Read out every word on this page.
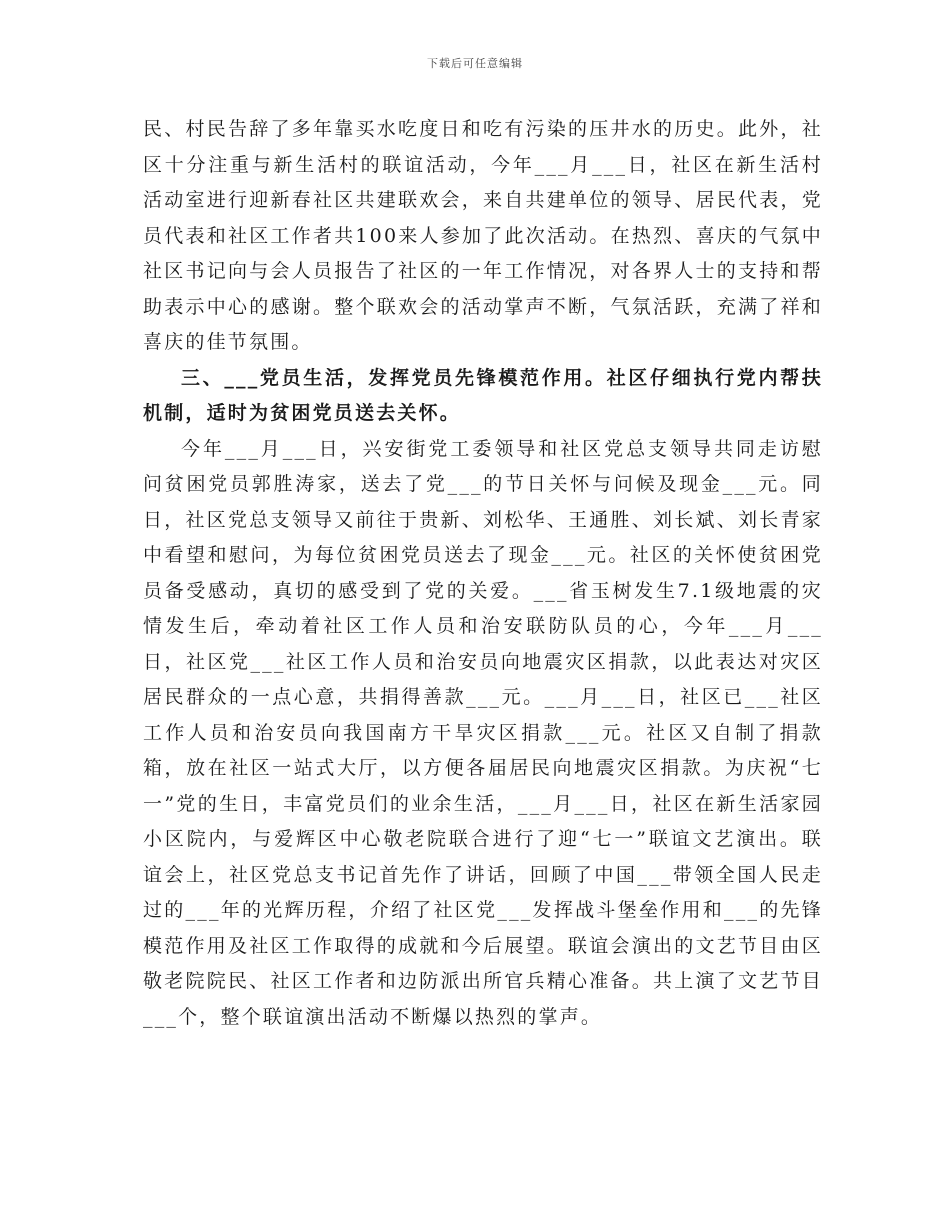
下载后可任意编辑

民、村民告辞了多年靠买水吃度日和吃有污染的压井水的历史。此外，社区十分注重与新生活村的联谊活动，今年___月___日，社区在新生活村活动室进行迎新春社区共建联欢会，来自共建单位的领导、居民代表，党员代表和社区工作者共100来人参加了此次活动。在热烈、喜庆的气氛中社区书记向与会人员报告了社区的一年工作情况，对各界人士的支持和帮助表示中心的感谢。整个联欢会的活动掌声不断，气氛活跃，充满了祥和喜庆的佳节氛围。

三、___党员生活，发挥党员先锋模范作用。社区仔细执行党内帮扶机制，适时为贫困党员送去关怀。

今年___月___日，兴安街党工委领导和社区党总支领导共同走访慰问贫困党员郭胜涛家，送去了党___的节日关怀与问候及现金___元。同日，社区党总支领导又前往于贵新、刘松华、王通胜、刘长斌、刘长青家中看望和慰问，为每位贫困党员送去了现金___元。社区的关怀使贫困党员备受感动，真切的感受到了党的关爱。___省玉树发生7.1级地震的灾情发生后，牵动着社区工作人员和治安联防队员的心，今年___月___日，社区党___社区工作人员和治安员向地震灾区捐款，以此表达对灾区居民群众的一点心意，共捐得善款___元。___月___日，社区已___社区工作人员和治安员向我国南方干旱灾区捐款___元。社区又自制了捐款箱，放在社区一站式大厅，以方便各届居民向地震灾区捐款。为庆祝“七一”党的生日，丰富党员们的业余生活，___月___日，社区在新生活家园小区院内，与爱辉区中心敬老院联合进行了迎“七一”联谊文艺演出。联谊会上，社区党总支书记首先作了讲话，回顾了中国___带领全国人民走过的___年的光辉历程，介绍了社区党___发挥战斗堡垒作用和___的先锋模范作用及社区工作取得的成就和今后展望。联谊会演出的文艺节目由区敬老院院民、社区工作者和边防派出所官兵精心准备。共上演了文艺节目___个，整个联谊演出活动不断爆以热烈的掌声。
